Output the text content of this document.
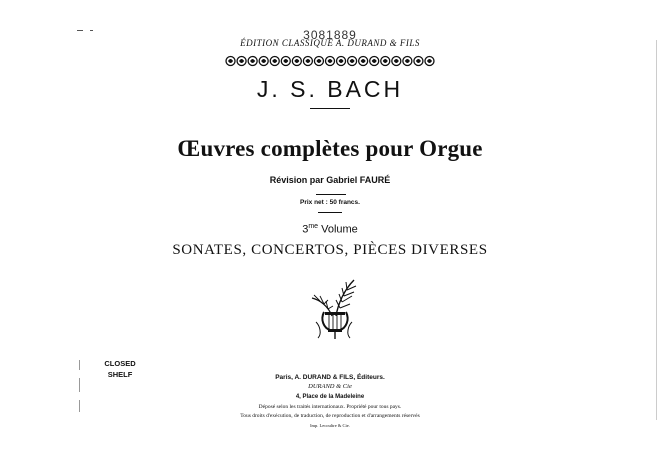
3081889
ÉDITION CLASSIQUE A. DURAND & FILS
J. S. BACH
Œuvres complètes pour Orgue
Révision par Gabriel FAURÉ
Prix net : 50 francs.
$3^{me}$ Volume
SONATES, CONCERTOS, PIÈCES DIVERSES
CLOSED
SHELF	Paris, A. DURAND & FILS, Éditeurs.
DURAND & Cie
4, Place de la Madeleine
Déposé selon les traités internationaux. Propriété pour tous pays.
Tous droits d'exécution, de traduction, de reproduction et d'arrangements réservés
Imp. Lecoultre & Cie.
